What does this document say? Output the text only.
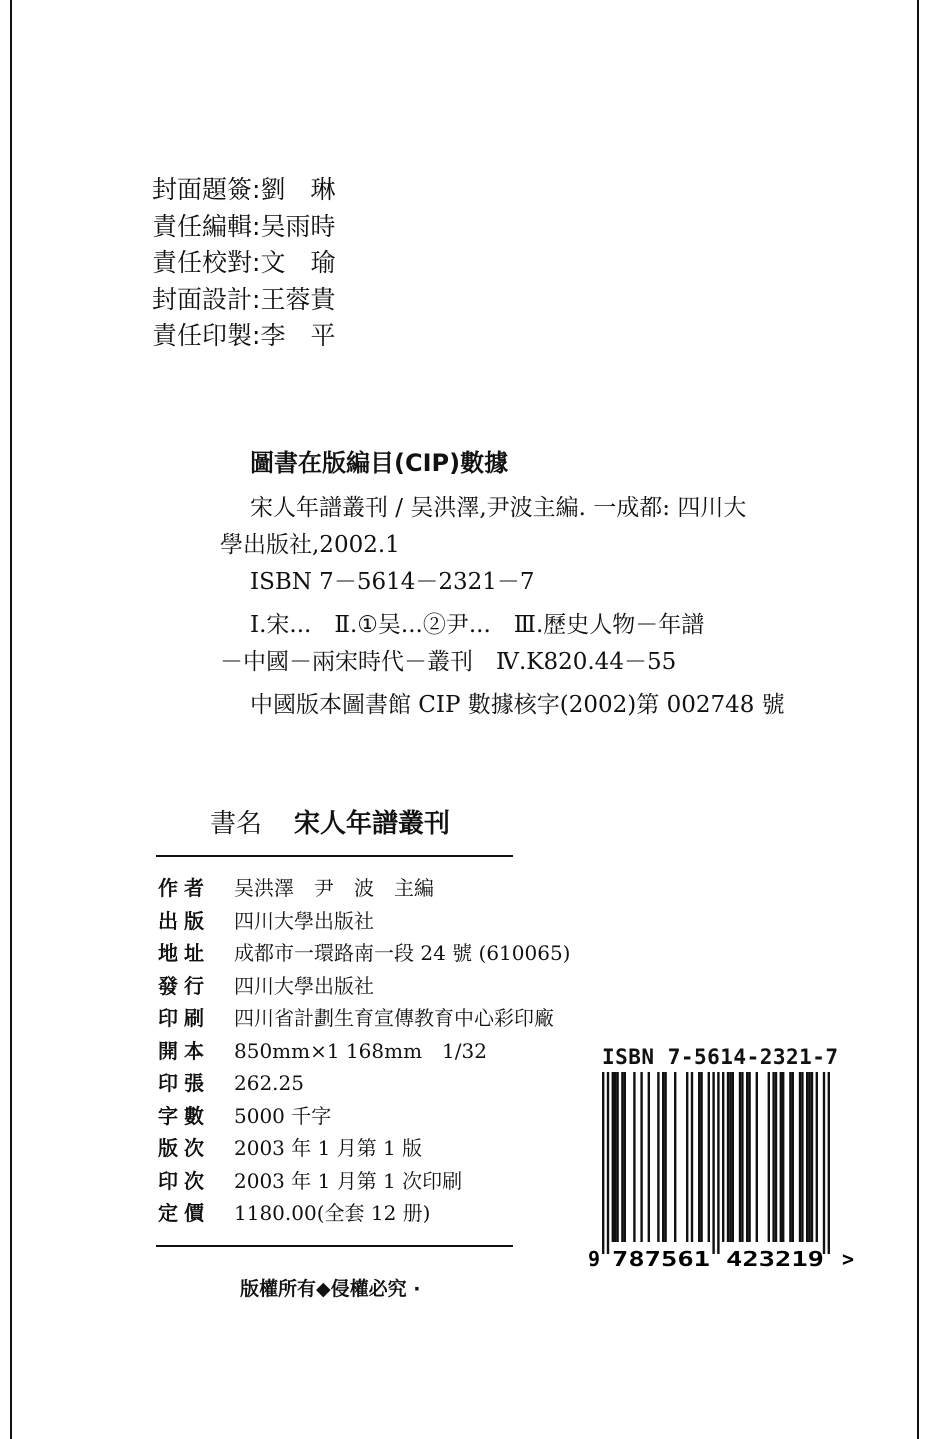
封面題簽:劉　琳
責任編輯:吴雨時
責任校對:文　瑜
封面設計:王蓉貴
責任印製:李　平
圖書在版編目(CIP)數據
宋人年譜叢刊 / 吴洪澤,尹波主編. 一成都: 四川大
學出版社,2002.1
ISBN 7－5614－2321－7
Ⅰ.宋...　Ⅱ.①吴...②尹...　Ⅲ.歷史人物－年譜
－中國－兩宋時代－叢刊　Ⅳ.K820.44－55
中國版本圖書館 CIP 數據核字(2002)第 002748 號
書名 宋人年譜叢刊
作者 吴洪澤　尹　波　主編
出版 四川大學出版社
地址 成都市一環路南一段 24 號 (610065)
發行 四川大學出版社
印刷 四川省計劃生育宣傳教育中心彩印廠
開本 850mm×1 168mm　1/32
印張 262.25
字數 5000 千字
版次 2003 年 1 月第 1 版
印次 2003 年 1 月第 1 次印刷
定價 1180.00(全套 12 册)
版權所有◆侵權必究 ·
ISBN 7-5614-2321-7
9 787561 423219 >
